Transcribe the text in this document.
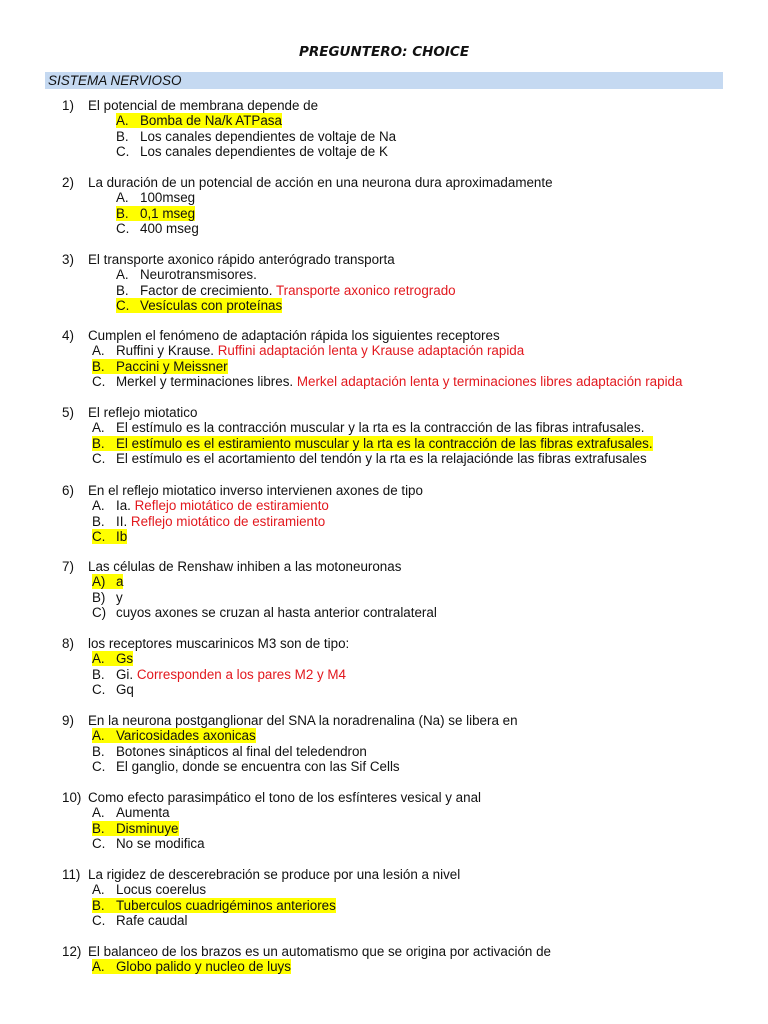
PREGUNTERO: CHOICE
SISTEMA NERVIOSO
1) El potencial de membrana depende de
A. Bomba de Na/k ATPasa
B. Los canales dependientes de voltaje de Na
C. Los canales dependientes de voltaje de K
2) La duración de un potencial de acción en una neurona dura aproximadamente
A. 100mseg
B. 0,1 mseg
C. 400 mseg
3) El transporte axonico rápido anterógrado transporta
A. Neurotransmisores.
B. Factor de crecimiento. Transporte axonico retrogrado
C. Vesículas con proteínas
4) Cumplen el fenómeno de adaptación rápida los siguientes receptores
A. Ruffini y Krause. Ruffini adaptación lenta y Krause adaptación rapida
B. Paccini y Meissner
C. Merkel y terminaciones libres. Merkel adaptación lenta y terminaciones libres adaptación rapida
5) El reflejo miotatico
A. El estímulo es la contracción muscular y la rta es la contracción de las fibras intrafusales.
B. El estímulo es el estiramiento muscular y la rta es la contracción de las fibras extrafusales.
C. El estímulo es el acortamiento del tendón y la rta es la relajaciónde las fibras extrafusales
6) En el reflejo miotatico inverso intervienen axones de tipo
A. Ia. Reflejo miotático de estiramiento
B. II. Reflejo miotático de estiramiento
C. Ib
7) Las células de Renshaw inhiben a las motoneuronas
A) a
B) y
C) cuyos axones se cruzan al hasta anterior contralateral
8) los receptores muscarinicos M3 son de tipo:
A. Gs
B. Gi. Corresponden a los pares M2 y M4
C. Gq
9) En la neurona postganglionar del SNA la noradrenalina (Na) se libera en
A. Varicosidades axonicas
B. Botones sinápticos al final del teledendron
C. El ganglio, donde se encuentra con las Sif Cells
10) Como efecto parasimpático el tono de los esfínteres vesical y anal
A. Aumenta
B. Disminuye
C. No se modifica
11) La rigidez de descerebración se produce por una lesión a nivel
A. Locus coerelus
B. Tuberculos cuadrigéminos anteriores
C. Rafe caudal
12) El balanceo de los brazos es un automatismo que se origina por activación de
A. Globo palido y nucleo de luys
